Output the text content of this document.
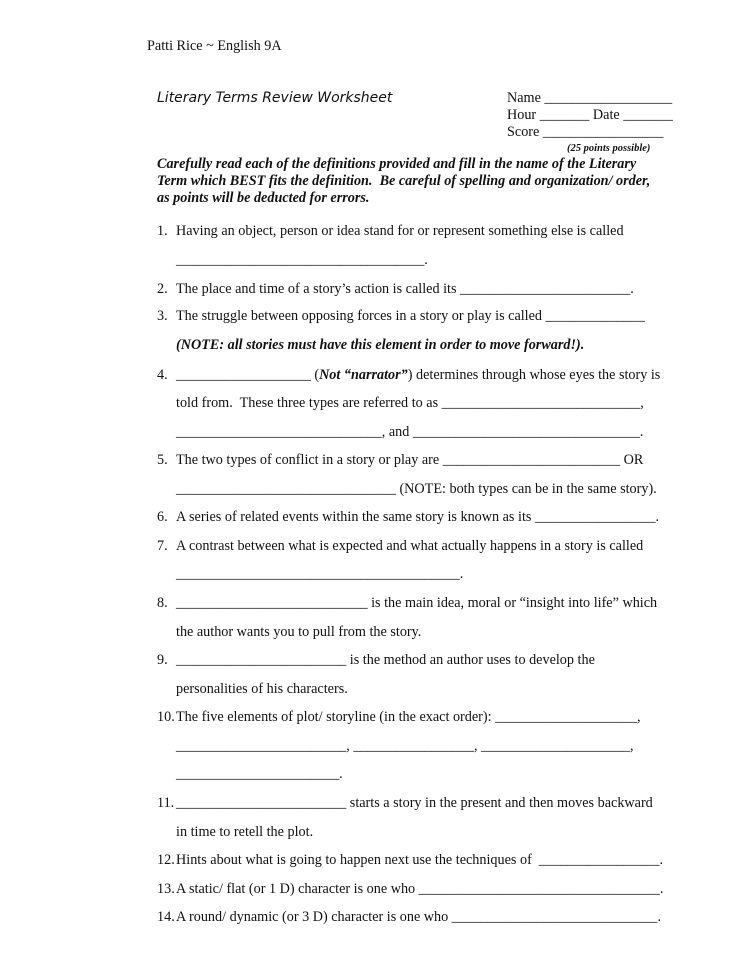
Patti Rice ~ English 9A
Literary Terms Review Worksheet	Name __________________
Hour _______ Date _______
Score _________________
(25 points possible)
Carefully read each of the definitions provided and fill in the name of the Literary
Term which BEST fits the definition.  Be careful of spelling and organization/ order,
as points will be deducted for errors.
1. Having an object, person or idea stand for or represent something else is called
___________________________________.
2. The place and time of a story’s action is called its ________________________.
3. The struggle between opposing forces in a story or play is called ______________
(NOTE: all stories must have this element in order to move forward!).
4. ___________________ (Not “narrator”) determines through whose eyes the story is
told from.  These three types are referred to as ____________________________,
_____________________________, and ________________________________.
5. The two types of conflict in a story or play are _________________________ OR
_______________________________ (NOTE: both types can be in the same story).
6. A series of related events within the same story is known as its _________________.
7. A contrast between what is expected and what actually happens in a story is called
________________________________________.
8. ___________________________ is the main idea, moral or “insight into life” which
the author wants you to pull from the story.
9. ________________________ is the method an author uses to develop the
personalities of his characters.
10. The five elements of plot/ storyline (in the exact order): ____________________,
________________________, _________________, _____________________,
_______________________.
11. ________________________ starts a story in the present and then moves backward
in time to retell the plot.
12. Hints about what is going to happen next use the techniques of  _________________.
13. A static/ flat (or 1 D) character is one who __________________________________.
14. A round/ dynamic (or 3 D) character is one who _____________________________.
